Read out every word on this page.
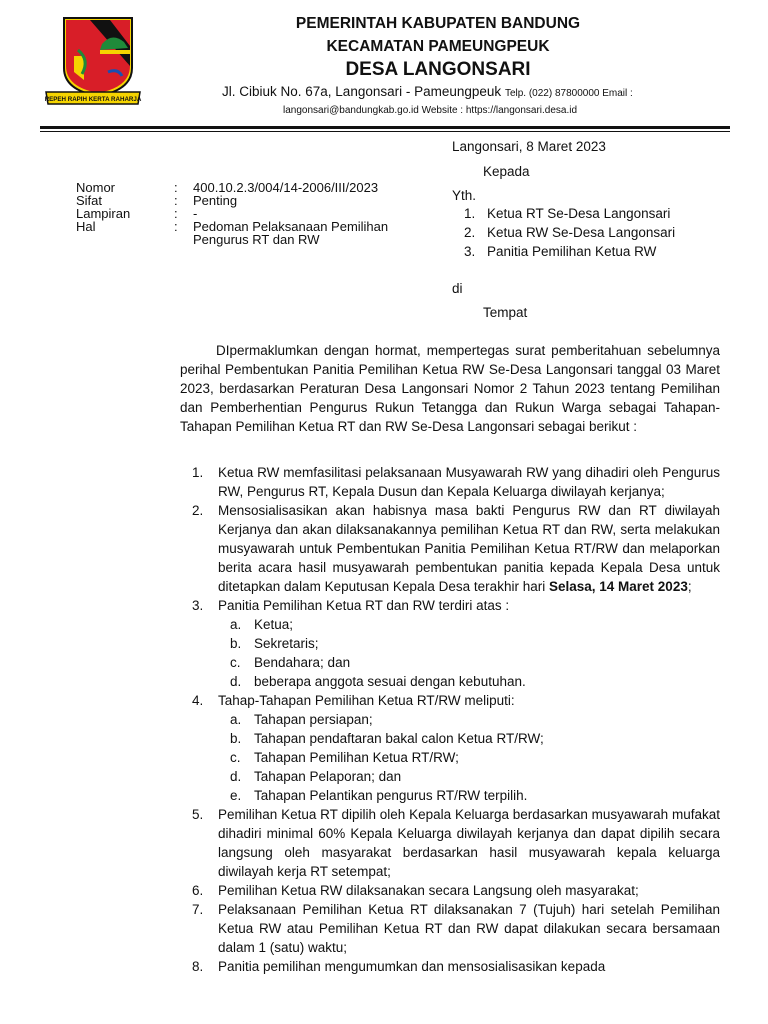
REPEH RAPIH KERTA RAHARJA
PEMERINTAH KABUPATEN BANDUNG
KECAMATAN PAMEUNGPEUK
DESA LANGONSARI
Jl. Cibiuk No. 67a, Langonsari - Pameungpeuk Telp. (022) 87800000 Email :
langonsari@bandungkab.go.id Website : https://langonsari.desa.id
Langonsari, 8 Maret 2023
Kepada
Yth.
1. Ketua RT Se-Desa Langonsari
2. Ketua RW Se-Desa Langonsari
3. Panitia Pemilihan Ketua RW
di
Tempat
Nomor	: 400.10.2.3/004/14-2006/III/2023
Sifat	: Penting
Lampiran	: -
Hal	: Pedoman Pelaksanaan Pemilihan
Pengurus RT dan RW
DIpermaklumkan dengan hormat, mempertegas surat pemberitahuan sebelumnya perihal Pembentukan Panitia Pemilihan Ketua RW Se-Desa Langonsari tanggal 03 Maret 2023, berdasarkan Peraturan Desa Langonsari Nomor 2 Tahun 2023 tentang Pemilihan dan Pemberhentian Pengurus Rukun Tetangga dan Rukun Warga sebagai Tahapan-Tahapan Pemilihan Ketua RT dan RW Se-Desa Langonsari sebagai berikut :
1. Ketua RW memfasilitasi pelaksanaan Musyawarah RW yang dihadiri oleh Pengurus RW, Pengurus RT, Kepala Dusun dan Kepala Keluarga diwilayah kerjanya;
2. Mensosialisasikan akan habisnya masa bakti Pengurus RW dan RT diwilayah Kerjanya dan akan dilaksanakannya pemilihan Ketua RT dan RW, serta melakukan musyawarah untuk Pembentukan Panitia Pemilihan Ketua RT/RW dan melaporkan berita acara hasil musyawarah pembentukan panitia kepada Kepala Desa untuk ditetapkan dalam Keputusan Kepala Desa terakhir hari Selasa, 14 Maret 2023;
3. Panitia Pemilihan Ketua RT dan RW terdiri atas :
a. Ketua;
b. Sekretaris;
c. Bendahara; dan
d. beberapa anggota sesuai dengan kebutuhan.
4. Tahap-Tahapan Pemilihan Ketua RT/RW meliputi:
a. Tahapan persiapan;
b. Tahapan pendaftaran bakal calon Ketua RT/RW;
c. Tahapan Pemilihan Ketua RT/RW;
d. Tahapan Pelaporan; dan
e. Tahapan Pelantikan pengurus RT/RW terpilih.
5. Pemilihan Ketua RT dipilih oleh Kepala Keluarga berdasarkan musyawarah mufakat dihadiri minimal 60% Kepala Keluarga diwilayah kerjanya dan dapat dipilih secara langsung oleh masyarakat berdasarkan hasil musyawarah kepala keluarga diwilayah kerja RT setempat;
6. Pemilihan Ketua RW dilaksanakan secara Langsung oleh masyarakat;
7. Pelaksanaan Pemilihan Ketua RT dilaksanakan 7 (Tujuh) hari setelah Pemilihan Ketua RW atau Pemilihan Ketua RT dan RW dapat dilakukan secara bersamaan dalam 1 (satu) waktu;
8. Panitia pemilihan mengumumkan dan mensosialisasikan kepada
